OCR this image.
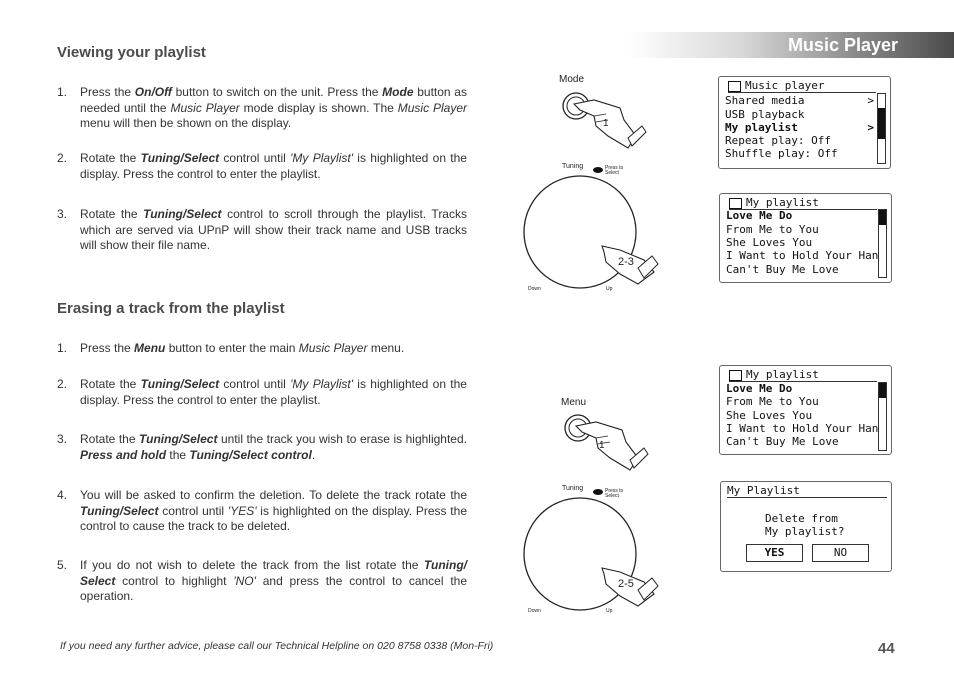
Music Player
Viewing your playlist
1.	Press the On/Off button to switch on the unit. Press the Mode button as needed until the Music Player mode display is shown. The Music Player menu will then be shown on the display.
2.	Rotate the Tuning/Select control until 'My Playlist' is highlighted on the display. Press the control to enter the playlist.
3.	Rotate the Tuning/Select control to scroll through the playlist. Tracks which are served via UPnP will show their track name and USB tracks will show their file name.
Erasing a track from the playlist
1.	Press the Menu button to enter the main Music Player menu.
2.	Rotate the Tuning/Select control until 'My Playlist' is highlighted on the display. Press the control to enter the playlist.
3.	Rotate the Tuning/Select until the track you wish to erase is highlighted. Press and hold the Tuning/Select control.
4.	You will be asked to confirm the deletion. To delete the track rotate the Tuning/Select control until 'YES' is highlighted on the display. Press the control to cause the track to be deleted.
5.	If you do not wish to delete the track from the list rotate the Tuning/ Select control to highlight 'NO' and press the control to cancel the operation.
Mode
1
Tuning	Press to Select
2-3
Down	Up
Menu
1
Tuning	Press to Select
2-5
Down	Up
Music player
Shared media	>
USB playback
My playlist	>
Repeat play: Off
Shuffle play: Off
My playlist
Love Me Do
From Me to You
She Loves You
I Want to Hold Your Han
Can't Buy Me Love
My playlist
Love Me Do
From Me to You
She Loves You
I Want to Hold Your Han
Can't Buy Me Love
My Playlist
Delete from
My playlist?
YES	NO
If you need any further advice, please call our Technical Helpline on 020 8758 0338 (Mon-Fri)	44
